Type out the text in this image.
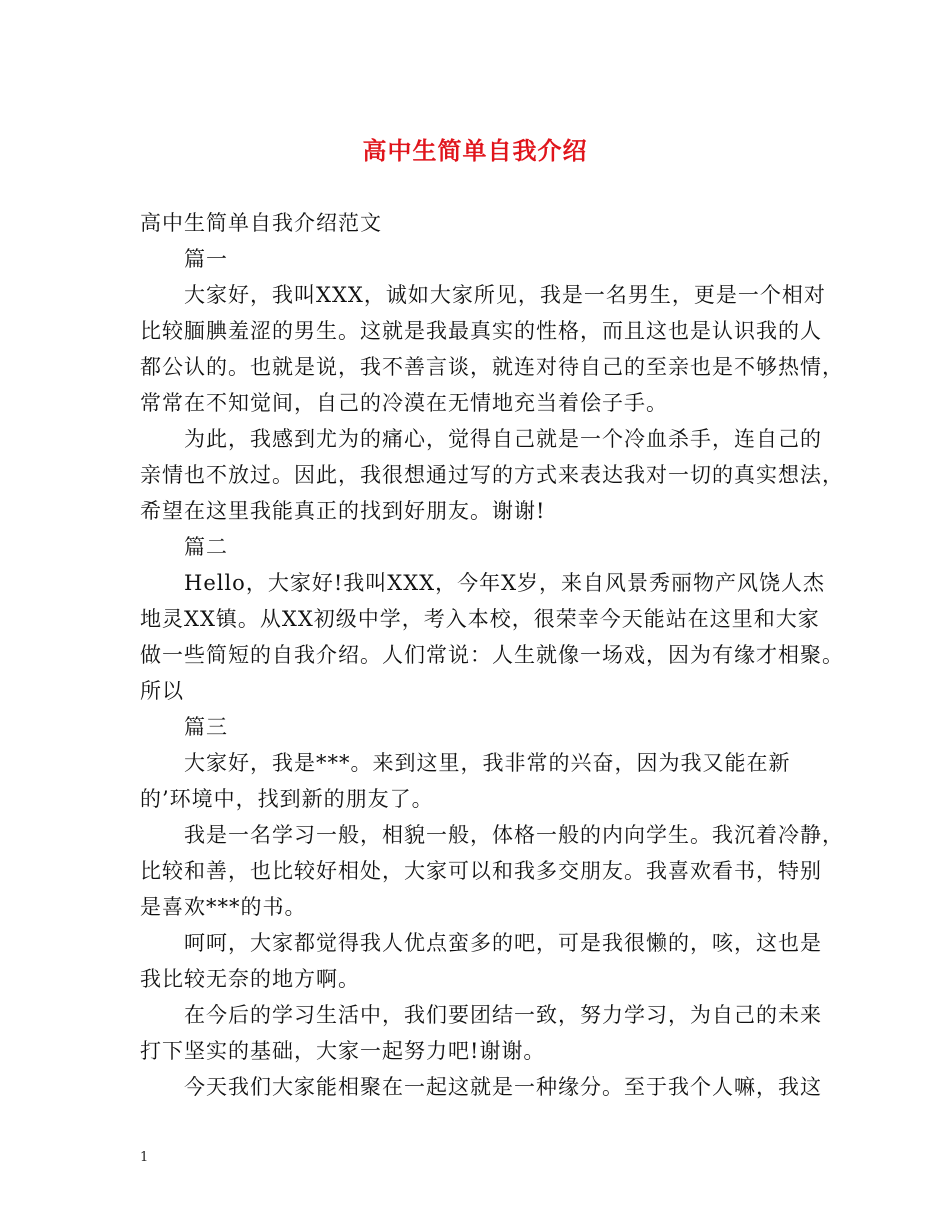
高中生简单自我介绍
高中生简单自我介绍范文
篇一
大家好，我叫XXX，诚如大家所见，我是一名男生，更是一个相对
比较腼腆羞涩的男生。这就是我最真实的性格，而且这也是认识我的人
都公认的。也就是说，我不善言谈，就连对待自己的至亲也是不够热情，
常常在不知觉间，自己的冷漠在无情地充当着侩子手。
为此，我感到尤为的痛心，觉得自己就是一个冷血杀手，连自己的
亲情也不放过。因此，我很想通过写的方式来表达我对一切的真实想法，
希望在这里我能真正的找到好朋友。谢谢!
篇二
Hello，大家好!我叫XXX，今年X岁，来自风景秀丽物产风饶人杰
地灵XX镇。从XX初级中学，考入本校，很荣幸今天能站在这里和大家
做一些简短的自我介绍。人们常说：人生就像一场戏，因为有缘才相聚。
所以
篇三
大家好，我是***。来到这里，我非常的兴奋，因为我又能在新
的’环境中，找到新的朋友了。
我是一名学习一般，相貌一般，体格一般的内向学生。我沉着冷静，
比较和善，也比较好相处，大家可以和我多交朋友。我喜欢看书，特别
是喜欢***的书。
呵呵，大家都觉得我人优点蛮多的吧，可是我很懒的，咳，这也是
我比较无奈的地方啊。
在今后的学习生活中，我们要团结一致，努力学习，为自己的未来
打下坚实的基础，大家一起努力吧!谢谢。
今天我们大家能相聚在一起这就是一种缘分。至于我个人嘛，我这
1
